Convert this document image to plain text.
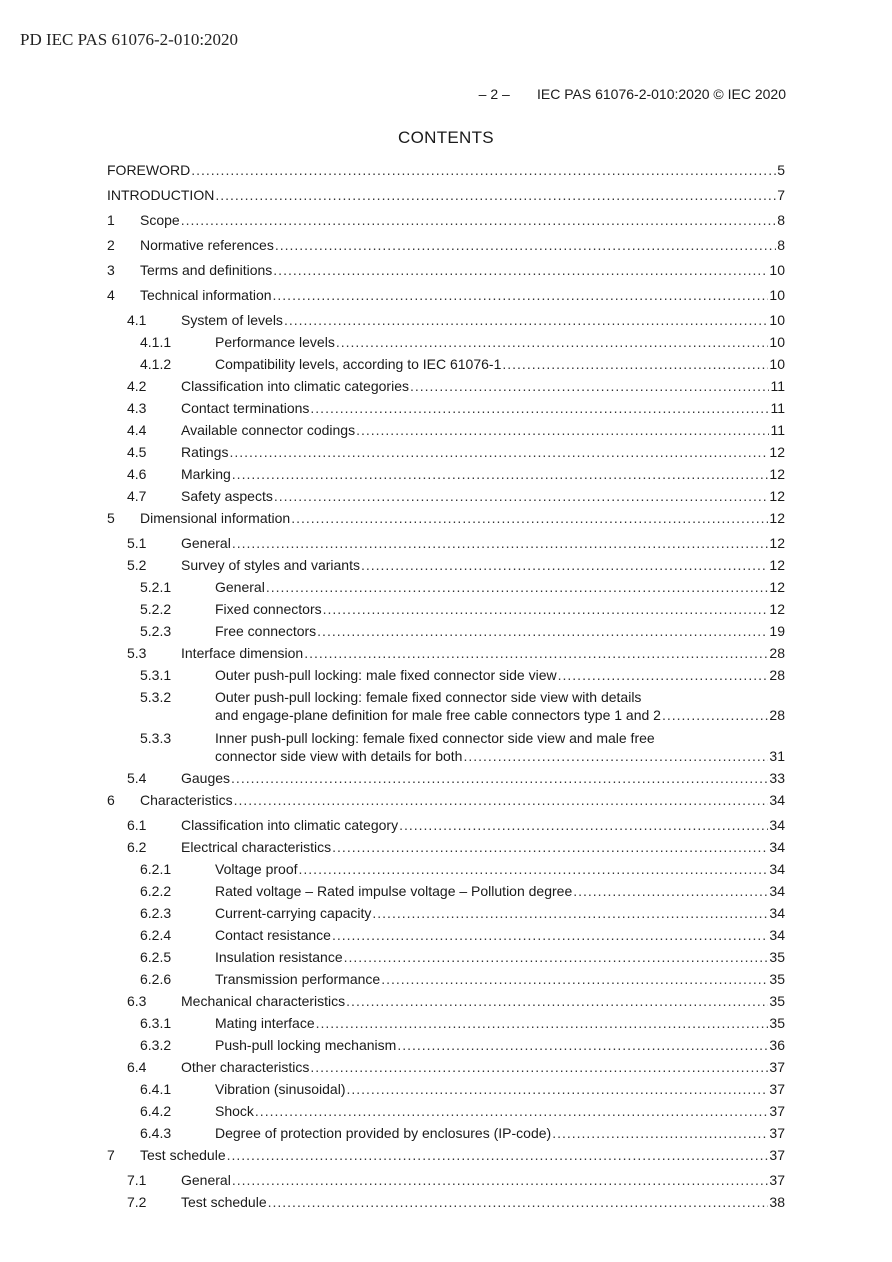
PD IEC PAS 61076-2-010:2020
– 2 –       IEC PAS 61076-2-010:2020 © IEC 2020
CONTENTS
FOREWORD .....	5
INTRODUCTION .....	7
1	Scope .....	8
2	Normative references .....	8
3	Terms and definitions .....	10
4	Technical information .....	10
4.1	System of levels .....	10
4.1.1	Performance levels .....	10
4.1.2	Compatibility levels, according to IEC 61076-1 .....	10
4.2	Classification into climatic categories .....	11
4.3	Contact terminations .....	11
4.4	Available connector codings .....	11
4.5	Ratings .....	12
4.6	Marking .....	12
4.7	Safety aspects .....	12
5	Dimensional information .....	12
5.1	General .....	12
5.2	Survey of styles and variants .....	12
5.2.1	General .....	12
5.2.2	Fixed connectors .....	12
5.2.3	Free connectors .....	19
5.3	Interface dimension .....	28
5.3.1	Outer push-pull locking: male fixed connector side view .....	28
5.3.2	Outer push-pull locking: female fixed connector side view with details
and engage-plane definition for male free cable connectors type 1 and 2 .....	28
5.3.3	Inner push-pull locking: female fixed connector side view and male free
connector side view with details for both .....	31
5.4	Gauges .....	33
6	Characteristics .....	34
6.1	Classification into climatic category .....	34
6.2	Electrical characteristics .....	34
6.2.1	Voltage proof .....	34
6.2.2	Rated voltage – Rated impulse voltage – Pollution degree .....	34
6.2.3	Current-carrying capacity .....	34
6.2.4	Contact resistance .....	34
6.2.5	Insulation resistance .....	35
6.2.6	Transmission performance .....	35
6.3	Mechanical characteristics .....	35
6.3.1	Mating interface .....	35
6.3.2	Push-pull locking mechanism .....	36
6.4	Other characteristics .....	37
6.4.1	Vibration (sinusoidal) .....	37
6.4.2	Shock .....	37
6.4.3	Degree of protection provided by enclosures (IP-code) .....	37
7	Test schedule .....	37
7.1	General .....	37
7.2	Test schedule .....	38
